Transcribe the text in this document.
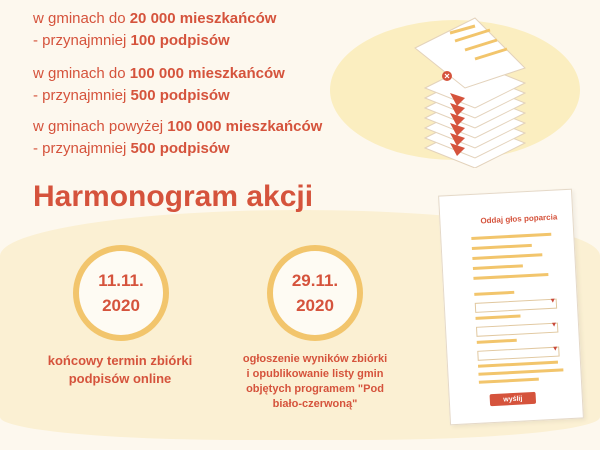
w gminach do 20 000 mieszkańców

- przynajmniej 100 podpisów

w gminach do 100 000 mieszkańców

- przynajmniej 500 podpisów

w gminach powyżej 100 000 mieszkańców

- przynajmniej 500 podpisów

Harmonogram akcji
11.11.
2020
końcowy termin zbiórki
podpisów online
29.11.
2020
ogłoszenie wyników zbiórki
i opublikowanie listy gmin
objętych programem "Pod
biało-czerwoną"

Oddaj głos poparcia

▾
▾
▾
wyślij
